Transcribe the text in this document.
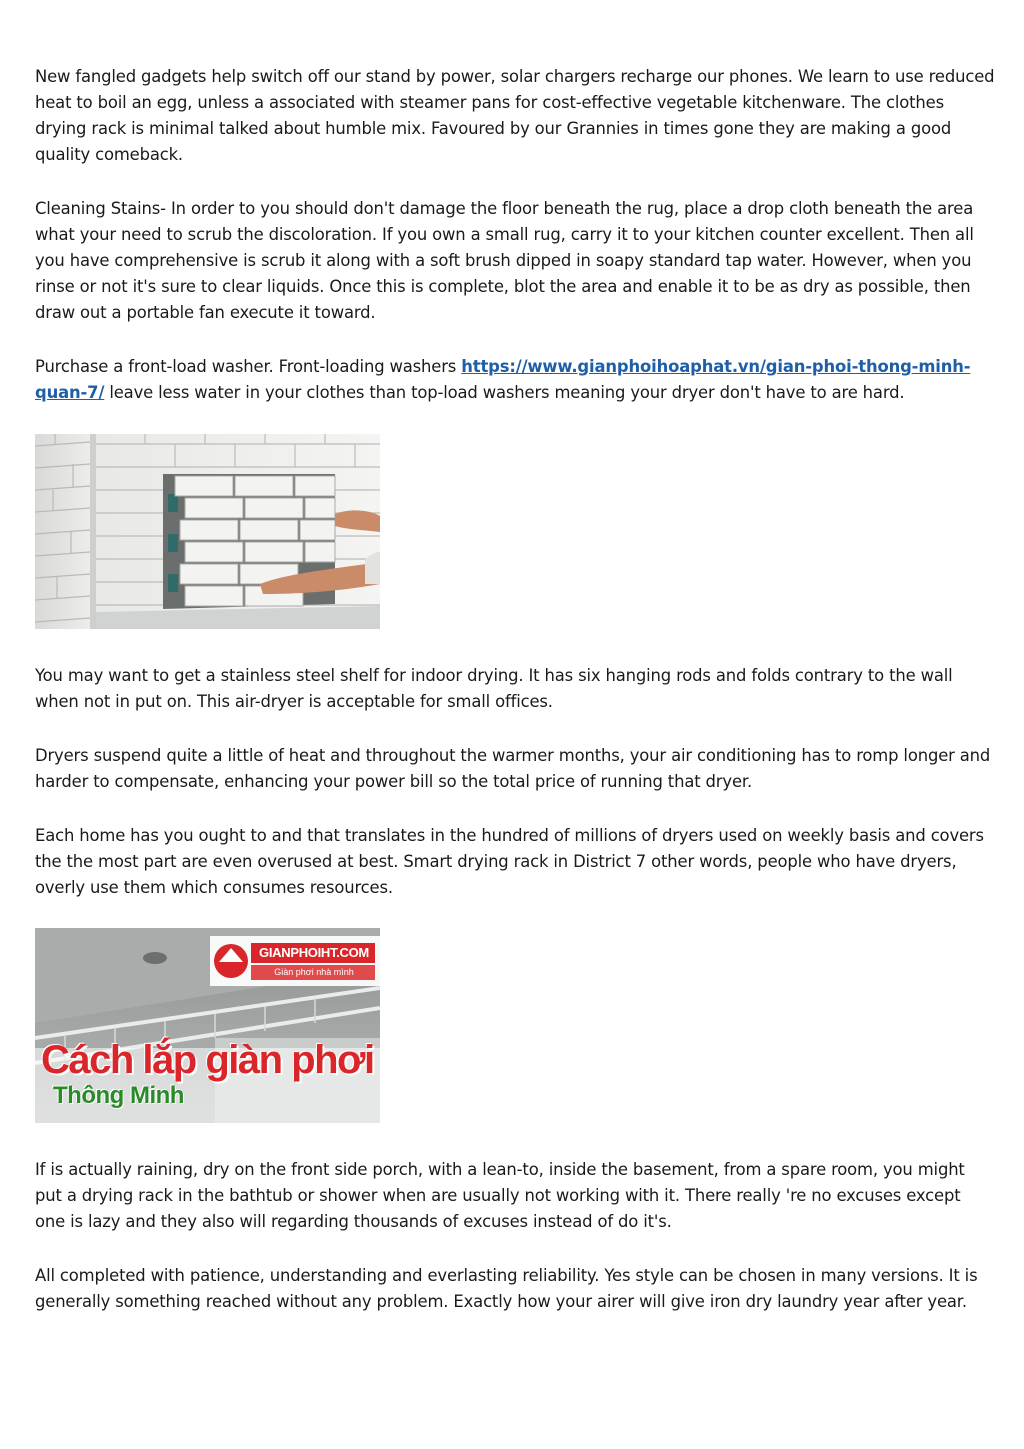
New fangled gadgets help switch off our stand by power, solar chargers recharge our phones. We learn to use reduced heat to boil an egg, unless a associated with steamer pans for cost-effective vegetable kitchenware. The clothes drying rack is minimal talked about humble mix. Favoured by our Grannies in times gone they are making a good quality comeback.

Cleaning Stains- In order to you should don't damage the floor beneath the rug, place a drop cloth beneath the area what your need to scrub the discoloration. If you own a small rug, carry it to your kitchen counter excellent. Then all you have comprehensive is scrub it along with a soft brush dipped in soapy standard tap water. However, when you rinse or not it's sure to clear liquids. Once this is complete, blot the area and enable it to be as dry as possible, then draw out a portable fan execute it toward.

Purchase a front-load washer. Front-loading washers https://www.gianphoihoaphat.vn/gian-phoi-thong-minh-quan-7/ leave less water in your clothes than top-load washers meaning your dryer don't have to are hard.

You may want to get a stainless steel shelf for indoor drying. It has six hanging rods and folds contrary to the wall when not in put on. This air-dryer is acceptable for small offices.

Dryers suspend quite a little of heat and throughout the warmer months, your air conditioning has to romp longer and harder to compensate, enhancing your power bill so the total price of running that dryer.

Each home has you ought to and that translates in the hundred of millions of dryers used on weekly basis and covers the the most part are even overused at best. Smart drying rack in District 7 other words, people who have dryers, overly use them which consumes resources.

GIANPHOIHT.COM
Giàn phơi nhà mình
Cách lắp giàn phơi
Thông Minh

If is actually raining, dry on the front side porch, with a lean-to, inside the basement, from a spare room, you might put a drying rack in the bathtub or shower when are usually not working with it. There really 're no excuses except one is lazy and they also will regarding thousands of excuses instead of do it's.

All completed with patience, understanding and everlasting reliability. Yes style can be chosen in many versions. It is generally something reached without any problem. Exactly how your airer will give iron dry laundry year after year.
